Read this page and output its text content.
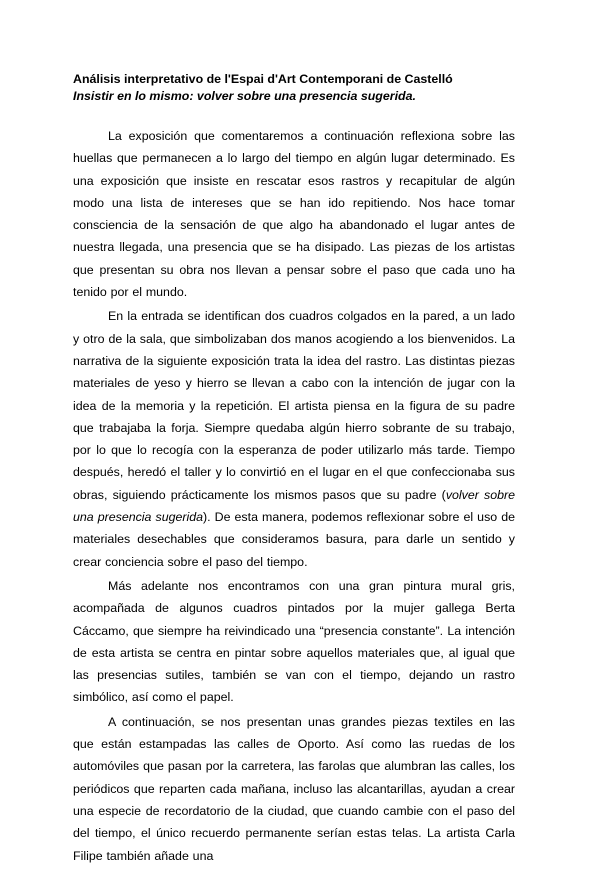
Análisis interpretativo de l'Espai d'Art Contemporani de Castelló
Insistir en lo mismo: volver sobre una presencia sugerida.

La exposición que comentaremos a continuación reflexiona sobre las huellas que permanecen a lo largo del tiempo en algún lugar determinado. Es una exposición que insiste en rescatar esos rastros y recapitular de algún modo una lista de intereses que se han ido repitiendo. Nos hace tomar consciencia de la sensación de que algo ha abandonado el lugar antes de nuestra llegada, una presencia que se ha disipado. Las piezas de los artistas que presentan su obra nos llevan a pensar sobre el paso que cada uno ha tenido por el mundo.

En la entrada se identifican dos cuadros colgados en la pared, a un lado y otro de la sala, que simbolizaban dos manos acogiendo a los bienvenidos. La narrativa de la siguiente exposición trata la idea del rastro. Las distintas piezas materiales de yeso y hierro se llevan a cabo con la intención de jugar con la idea de la memoria y la repetición. El artista piensa en la figura de su padre que trabajaba la forja. Siempre quedaba algún hierro sobrante de su trabajo, por lo que lo recogía con la esperanza de poder utilizarlo más tarde. Tiempo después, heredó el taller y lo convirtió en el lugar en el que confeccionaba sus obras, siguiendo prácticamente los mismos pasos que su padre (volver sobre una presencia sugerida). De esta manera, podemos reflexionar sobre el uso de materiales desechables que consideramos basura, para darle un sentido y crear conciencia sobre el paso del tiempo.

Más adelante nos encontramos con una gran pintura mural gris, acompañada de algunos cuadros pintados por la mujer gallega Berta Cáccamo, que siempre ha reivindicado una “presencia constante”. La intención de esta artista se centra en pintar sobre aquellos materiales que, al igual que las presencias sutiles, también se van con el tiempo, dejando un rastro simbólico, así como el papel.

A continuación, se nos presentan unas grandes piezas textiles en las que están estampadas las calles de Oporto. Así como las ruedas de los automóviles que pasan por la carretera, las farolas que alumbran las calles, los periódicos que reparten cada mañana, incluso las alcantarillas, ayudan a crear una especie de recordatorio de la ciudad, que cuando cambie con el paso del del tiempo, el único recuerdo permanente serían estas telas. La artista Carla Filipe también añade una
